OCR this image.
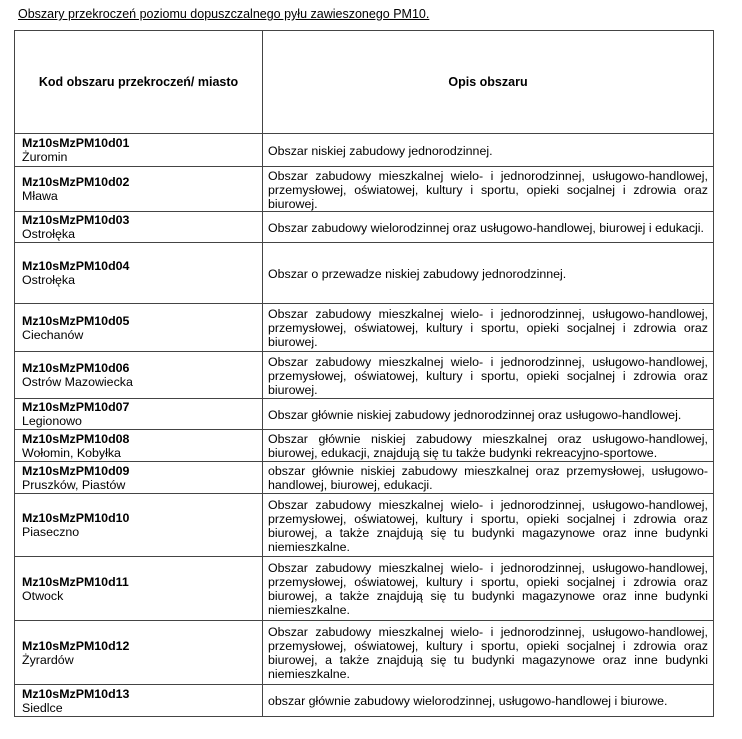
Obszary przekroczeń poziomu dopuszczalnego pyłu zawieszonego PM10.
Kod obszaru przekroczeń/ miasto	Opis obszaru

Mz10sMzPM10d01
Żuromin	Obszar niskiej zabudowy jednorodzinnej.

Mz10sMzPM10d02
Mława	Obszar zabudowy mieszkalnej wielo- i jednorodzinnej, usługowo-handlowej, przemysłowej, oświatowej, kultury i sportu, opieki socjalnej i zdrowia oraz biurowej.

Mz10sMzPM10d03
Ostrołęka	Obszar zabudowy wielorodzinnej oraz usługowo-handlowej, biurowej i edukacji.

Mz10sMzPM10d04
Ostrołęka	Obszar o przewadze niskiej zabudowy jednorodzinnej.

Mz10sMzPM10d05
Ciechanów	Obszar zabudowy mieszkalnej wielo- i jednorodzinnej, usługowo-handlowej, przemysłowej, oświatowej, kultury i sportu, opieki socjalnej i zdrowia oraz biurowej.

Mz10sMzPM10d06
Ostrów Mazowiecka	Obszar zabudowy mieszkalnej wielo- i jednorodzinnej, usługowo-handlowej, przemysłowej, oświatowej, kultury i sportu, opieki socjalnej i zdrowia oraz biurowej.

Mz10sMzPM10d07
Legionowo	Obszar głównie niskiej zabudowy jednorodzinnej oraz usługowo-handlowej.

Mz10sMzPM10d08
Wołomin, Kobyłka	Obszar głównie niskiej zabudowy mieszkalnej oraz usługowo-handlowej, biurowej, edukacji, znajdują się tu także budynki rekreacyjno-sportowe.

Mz10sMzPM10d09
Pruszków, Piastów	obszar głównie niskiej zabudowy mieszkalnej oraz przemysłowej, usługowo-handlowej, biurowej, edukacji.

Mz10sMzPM10d10
Piaseczno	Obszar zabudowy mieszkalnej wielo- i jednorodzinnej, usługowo-handlowej, przemysłowej, oświatowej, kultury i sportu, opieki socjalnej i zdrowia oraz biurowej, a także znajdują się tu budynki magazynowe oraz inne budynki niemieszkalne.

Mz10sMzPM10d11
Otwock	Obszar zabudowy mieszkalnej wielo- i jednorodzinnej, usługowo-handlowej, przemysłowej, oświatowej, kultury i sportu, opieki socjalnej i zdrowia oraz biurowej, a także znajdują się tu budynki magazynowe oraz inne budynki niemieszkalne.

Mz10sMzPM10d12
Żyrardów	Obszar zabudowy mieszkalnej wielo- i jednorodzinnej, usługowo-handlowej, przemysłowej, oświatowej, kultury i sportu, opieki socjalnej i zdrowia oraz biurowej, a także znajdują się tu budynki magazynowe oraz inne budynki niemieszkalne.

Mz10sMzPM10d13
Siedlce	obszar głównie zabudowy wielorodzinnej, usługowo-handlowej i biurowe.
